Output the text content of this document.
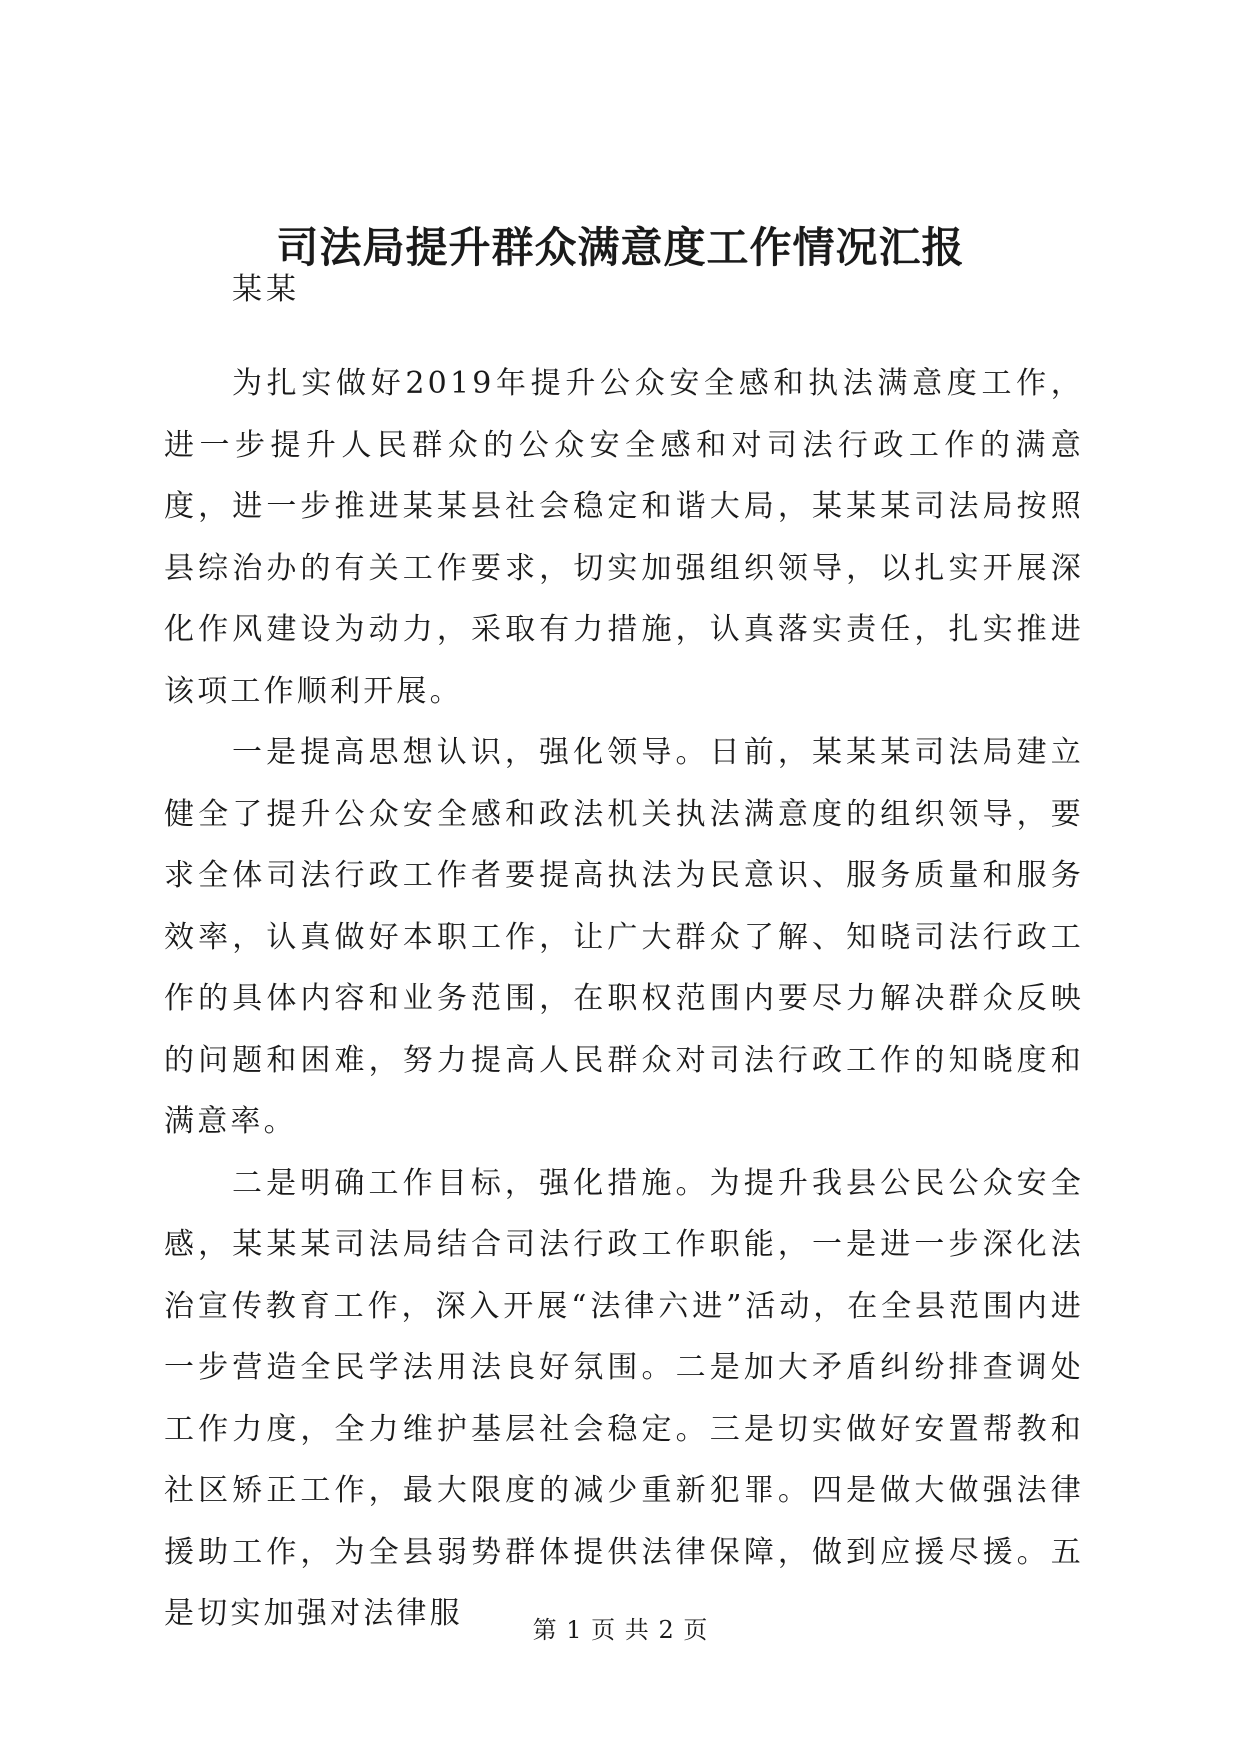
司法局提升群众满意度工作情况汇报
某某

为扎实做好2019年提升公众安全感和执法满意度工作，进一步提升人民群众的公众安全感和对司法行政工作的满意度，进一步推进某某县社会稳定和谐大局，某某某司法局按照县综治办的有关工作要求，切实加强组织领导，以扎实开展深化作风建设为动力，采取有力措施，认真落实责任，扎实推进该项工作顺利开展。

一是提高思想认识，强化领导。日前，某某某司法局建立健全了提升公众安全感和政法机关执法满意度的组织领导，要求全体司法行政工作者要提高执法为民意识、服务质量和服务效率，认真做好本职工作，让广大群众了解、知晓司法行政工作的具体内容和业务范围，在职权范围内要尽力解决群众反映的问题和困难，努力提高人民群众对司法行政工作的知晓度和满意率。

二是明确工作目标，强化措施。为提升我县公民公众安全感，某某某司法局结合司法行政工作职能，一是进一步深化法治宣传教育工作，深入开展“法律六进”活动，在全县范围内进一步营造全民学法用法良好氛围。二是加大矛盾纠纷排查调处工作力度，全力维护基层社会稳定。三是切实做好安置帮教和社区矫正工作，最大限度的减少重新犯罪。四是做大做强法律援助工作，为全县弱势群体提供法律保障，做到应援尽援。五是切实加强对法律服	第 1 页 共 2 页
